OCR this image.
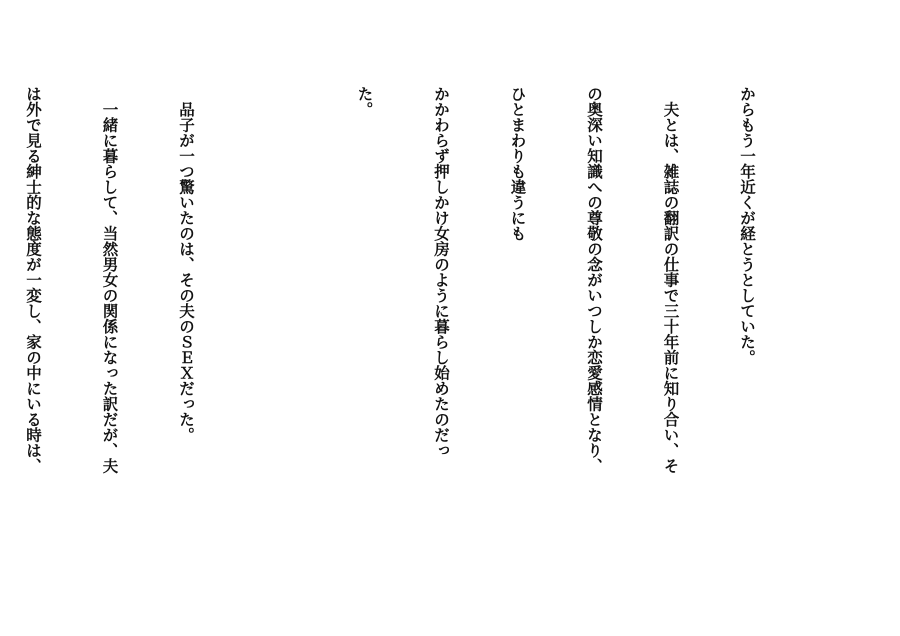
からもう一年近くが経とうとしていた。

　夫とは、雑誌の翻訳の仕事で三十年前に知り合い、そ

の奥深い知識への尊敬の念がいつしか恋愛感情となり、

ひとまわりも違うにも

かかわらず押しかけ女房のように暮らし始めたのだっ

た。

　品子が一つ驚いたのは、その夫のＳＥＸだった。

　一緒に暮らして、当然男女の関係になった訳だが、夫

は外で見る紳士的な態度が一変し、家の中にいる時は、
